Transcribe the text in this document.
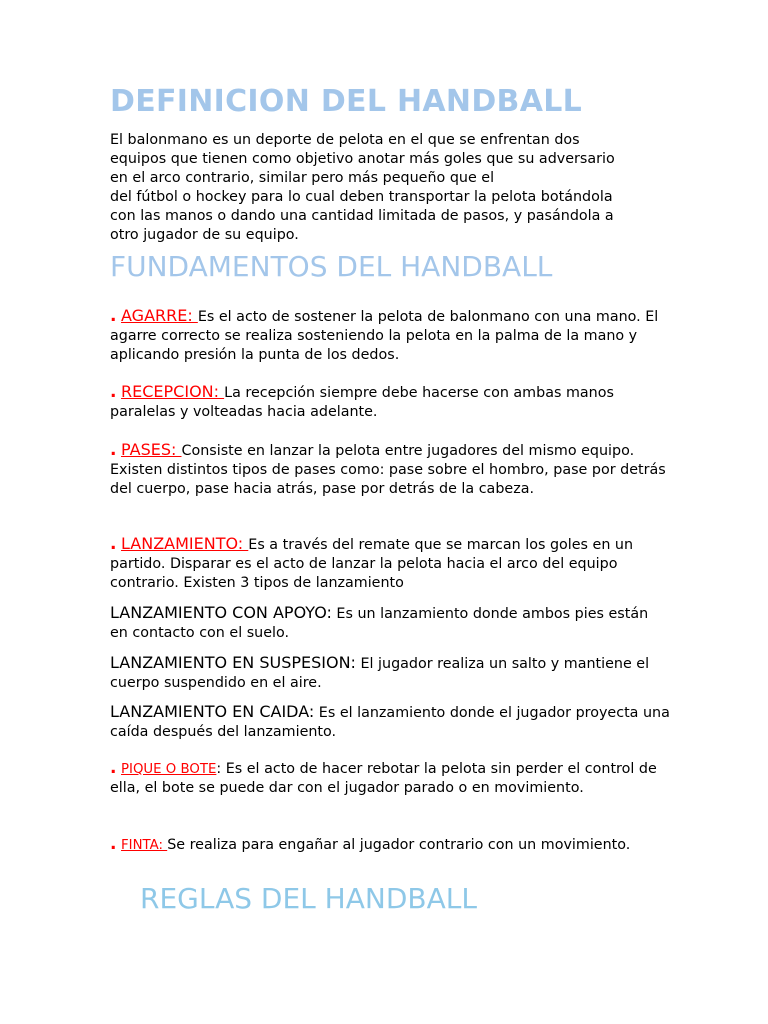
DEFINICION DEL HANDBALL
El balonmano es un deporte de pelota en el que se enfrentan dos
equipos que tienen como objetivo anotar más goles que su adversario
en el arco contrario, similar pero más pequeño que el
del fútbol o hockey para lo cual deben transportar la pelota botándola
con las manos o dando una cantidad limitada de pasos, y pasándola a
otro jugador de su equipo.
FUNDAMENTOS DEL HANDBALL
. AGARRE: Es el acto de sostener la pelota de balonmano con una mano. El agarre correcto se realiza sosteniendo la pelota en la palma de la mano y aplicando presión la punta de los dedos.
. RECEPCION: La recepción siempre debe hacerse con ambas manos paralelas y volteadas hacia adelante.
. PASES: Consiste en lanzar la pelota entre jugadores del mismo equipo. Existen distintos tipos de pases como: pase sobre el hombro, pase por detrás del cuerpo, pase hacia atrás, pase por detrás de la cabeza.
. LANZAMIENTO: Es a través del remate que se marcan los goles en un partido. Disparar es el acto de lanzar la pelota hacia el arco del equipo contrario. Existen 3 tipos de lanzamiento
LANZAMIENTO CON APOYO: Es un lanzamiento donde ambos pies están en contacto con el suelo.
LANZAMIENTO EN SUSPESION: El jugador realiza un salto y mantiene el cuerpo suspendido en el aire.
LANZAMIENTO EN CAIDA: Es el lanzamiento donde el jugador proyecta una caída después del lanzamiento.
. PIQUE O BOTE: Es el acto de hacer rebotar la pelota sin perder el control de ella, el bote se puede dar con el jugador parado o en movimiento.
. FINTA: Se realiza para engañar al jugador contrario con un movimiento.
REGLAS DEL HANDBALL
